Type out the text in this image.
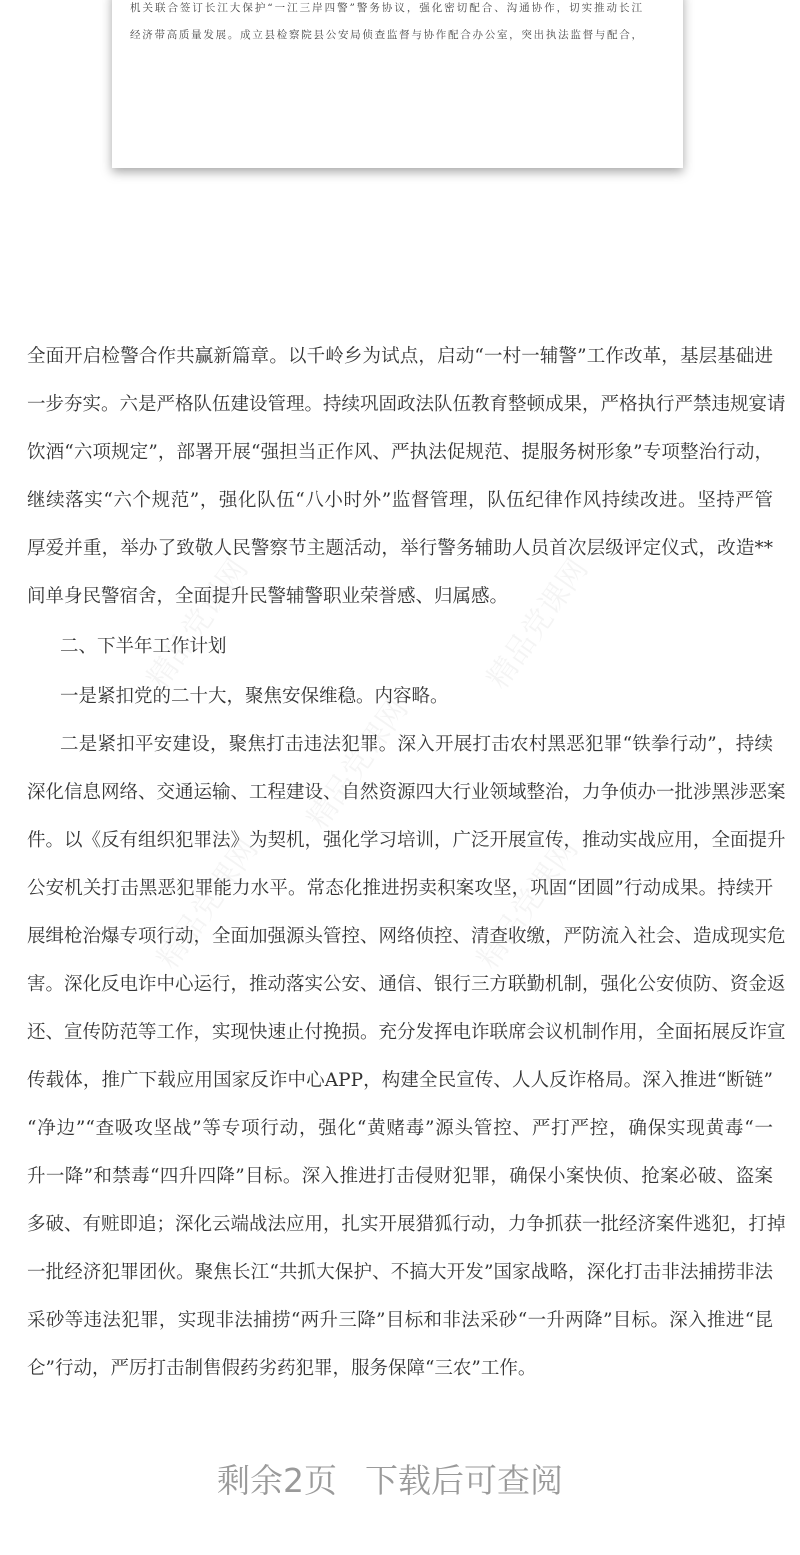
机关联合签订长江大保护“一江三岸四警”警务协议，强化密切配合、沟通协作，切实推动长江
经济带高质量发展。成立县检察院县公安局侦查监督与协作配合办公室，突出执法监督与配合，
全面开启检警合作共赢新篇章。以千岭乡为试点，启动“一村一辅警”工作改革，基层基础进
一步夯实。六是严格队伍建设管理。持续巩固政法队伍教育整顿成果，严格执行严禁违规宴请
饮酒“六项规定”，部署开展“强担当正作风、严执法促规范、提服务树形象”专项整治行动，
继续落实“六个规范”，强化队伍“八小时外”监督管理，队伍纪律作风持续改进。坚持严管
厚爱并重，举办了致敬人民警察节主题活动，举行警务辅助人员首次层级评定仪式，改造**
间单身民警宿舍，全面提升民警辅警职业荣誉感、归属感。
二、下半年工作计划
一是紧扣党的二十大，聚焦安保维稳。内容略。
二是紧扣平安建设，聚焦打击违法犯罪。深入开展打击农村黑恶犯罪“铁拳行动”，持续
深化信息网络、交通运输、工程建设、自然资源四大行业领域整治，力争侦办一批涉黑涉恶案
件。以《反有组织犯罪法》为契机，强化学习培训，广泛开展宣传，推动实战应用，全面提升
公安机关打击黑恶犯罪能力水平。常态化推进拐卖积案攻坚，巩固“团圆”行动成果。持续开
展缉枪治爆专项行动，全面加强源头管控、网络侦控、清查收缴，严防流入社会、造成现实危
害。深化反电诈中心运行，推动落实公安、通信、银行三方联勤机制，强化公安侦防、资金返
还、宣传防范等工作，实现快速止付挽损。充分发挥电诈联席会议机制作用，全面拓展反诈宣
传载体，推广下载应用国家反诈中心APP，构建全民宣传、人人反诈格局。深入推进“断链”
“净边”“查吸攻坚战”等专项行动，强化“黄赌毒”源头管控、严打严控，确保实现黄毒“一
升一降”和禁毒“四升四降”目标。深入推进打击侵财犯罪，确保小案快侦、抢案必破、盗案
多破、有赃即追；深化云端战法应用，扎实开展猎狐行动，力争抓获一批经济案件逃犯，打掉
一批经济犯罪团伙。聚焦长江“共抓大保护、不搞大开发”国家战略，深化打击非法捕捞非法
采砂等违法犯罪，实现非法捕捞“两升三降”目标和非法采砂“一升两降”目标。深入推进“昆
仑”行动，严厉打击制售假药劣药犯罪，服务保障“三农”工作。
剩余2页 下载后可查阅
